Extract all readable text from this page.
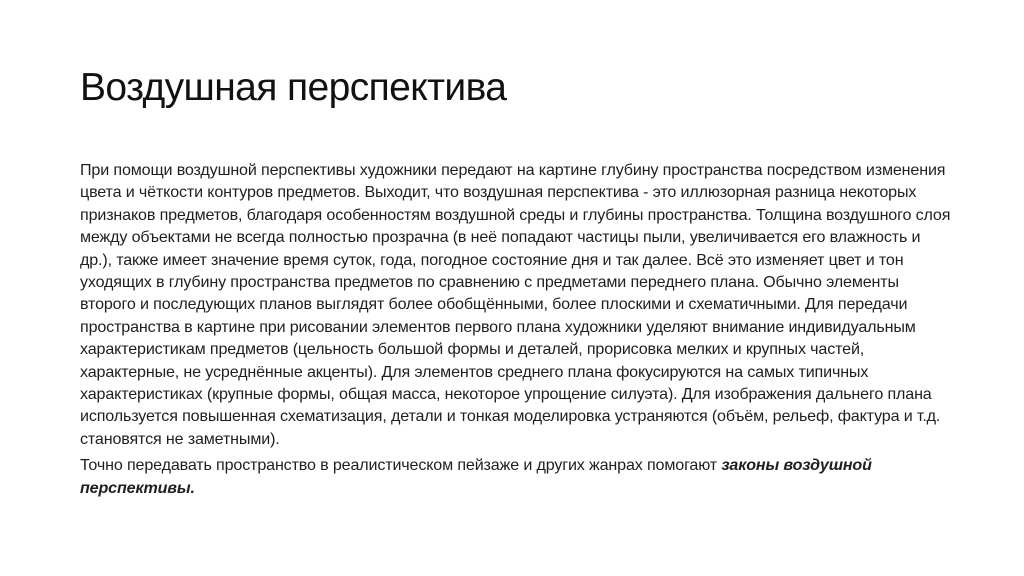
Воздушная перспектива

При помощи воздушной перспективы художники передают на картине глубину пространства посредством изменения цвета и чёткости контуров предметов. Выходит, что воздушная перспектива - это иллюзорная разница некоторых признаков предметов, благодаря особенностям воздушной среды и глубины пространства. Толщина воздушного слоя между объектами не всегда полностью прозрачна (в неё попадают частицы пыли, увеличивается его влажность и др.), также имеет значение время суток, года, погодное состояние дня и так далее. Всё это изменяет цвет и тон уходящих в глубину пространства предметов по сравнению с предметами переднего плана. Обычно элементы второго и последующих планов выглядят более обобщёнными, более плоскими и схематичными. Для передачи пространства в картине при рисовании элементов первого плана художники уделяют внимание индивидуальным характеристикам предметов (цельность большой формы и деталей, прорисовка мелких и крупных частей, характерные, не усреднённые акценты). Для элементов среднего плана фокусируются на самых типичных характеристиках (крупные формы, общая масса, некоторое упрощение силуэта). Для изображения дальнего плана используется повышенная схематизация, детали и тонкая моделировка устраняются (объём, рельеф, фактура и т.д. становятся не заметными).

Точно передавать пространство в реалистическом пейзаже и других жанрах помогают законы воздушной перспективы.
